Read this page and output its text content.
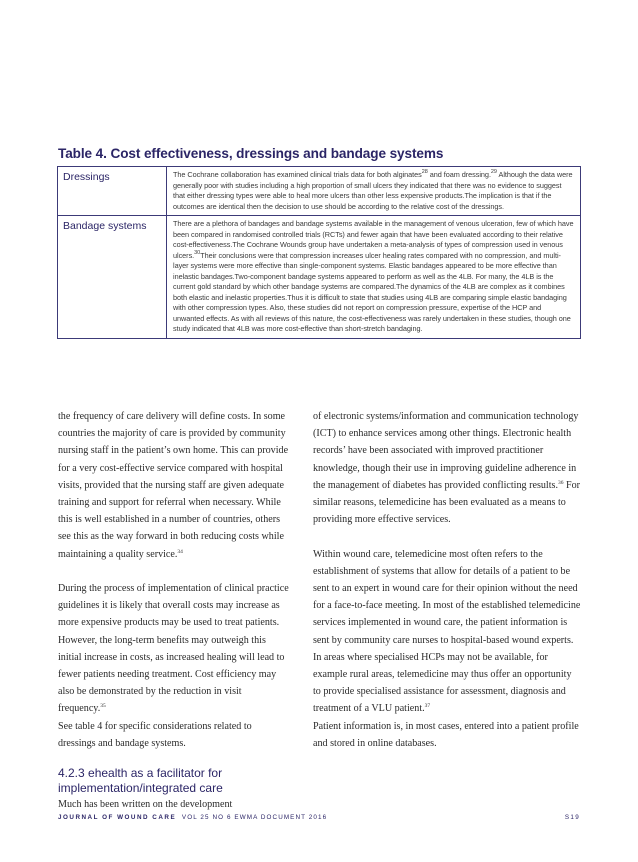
Table 4. Cost effectiveness, dressings and bandage systems
Dressings	The Cochrane collaboration has examined clinical trials data for both alginates$^{28}$ and foam dressing.$^{29}$ Although the data were generally poor with studies including a high proportion of small ulcers they indicated that there was no evidence to suggest that either dressing types were able to heal more ulcers than other less expensive products.The implication is that if the outcomes are identical then the decision to use should be according to the relative cost of the dressings.
Bandage systems	There are a plethora of bandages and bandage systems available in the management of venous ulceration, few of which have been compared in randomised controlled trials (RCTs) and fewer again that have been evaluated according to their relative cost-effectiveness.The Cochrane Wounds group have undertaken a meta-analysis of types of compression used in venous ulcers.$^{30}$Their conclusions were that compression increases ulcer healing rates compared with no compression, and multi-layer systems were more effective than single-component systems. Elastic bandages appeared to be more effective than inelastic bandages.Two-component bandage systems appeared to perform as well as the 4LB. For many, the 4LB is the current gold standard by which other bandage systems are compared.The dynamics of the 4LB are complex as it combines both elastic and inelastic properties.Thus it is difficult to state that studies using 4LB are comparing simple elastic bandaging with other compression types. Also, these studies did not report on compression pressure, expertise of the HCP and unwanted effects. As with all reviews of this nature, the cost-effectiveness was rarely undertaken in these studies, though one study indicated that 4LB was more cost-effective than short-stretch bandaging.

the frequency of care delivery will define costs. In some countries the majority of care is provided by community nursing staff in the patient’s own home. This can provide for a very cost-effective service compared with hospital visits, provided that the nursing staff are given adequate training and support for referral when necessary. While this is well established in a number of countries, others see this as the way forward in both reducing costs while maintaining a quality service.$^{34}$

During the process of implementation of clinical practice guidelines it is likely that overall costs may increase as more expensive products may be used to treat patients. However, the long-term benefits may outweigh this initial increase in costs, as increased healing will lead to fewer patients needing treatment. Cost efficiency may also be demonstrated by the reduction in visit frequency.$^{35}$
See table 4 for specific considerations related to dressings and bandage systems.

4.2.3 ehealth as a facilitator for implementation/integrated care

Much has been written on the development

of electronic systems/information and communication technology (ICT) to enhance services among other things. Electronic health records’ have been associated with improved practitioner knowledge, though their use in improving guideline adherence in the management of diabetes has provided conflicting results.$^{36}$ For similar reasons, telemedicine has been evaluated as a means to providing more effective services.

Within wound care, telemedicine most often refers to the establishment of systems that allow for details of a patient to be sent to an expert in wound care for their opinion without the need for a face-to-face meeting. In most of the established telemedicine services implemented in wound care, the patient information is sent by community care nurses to hospital-based wound experts. In areas where specialised HCPs may not be available, for example rural areas, telemedicine may thus offer an opportunity to provide specialised assistance for assessment, diagnosis and treatment of a VLU patient.$^{37}$
Patient information is, in most cases, entered into a patient profile and stored in online databases.

JOURNAL OF WOUND CARE VOL 25 NO 6 EWMA DOCUMENT 2016	S19
